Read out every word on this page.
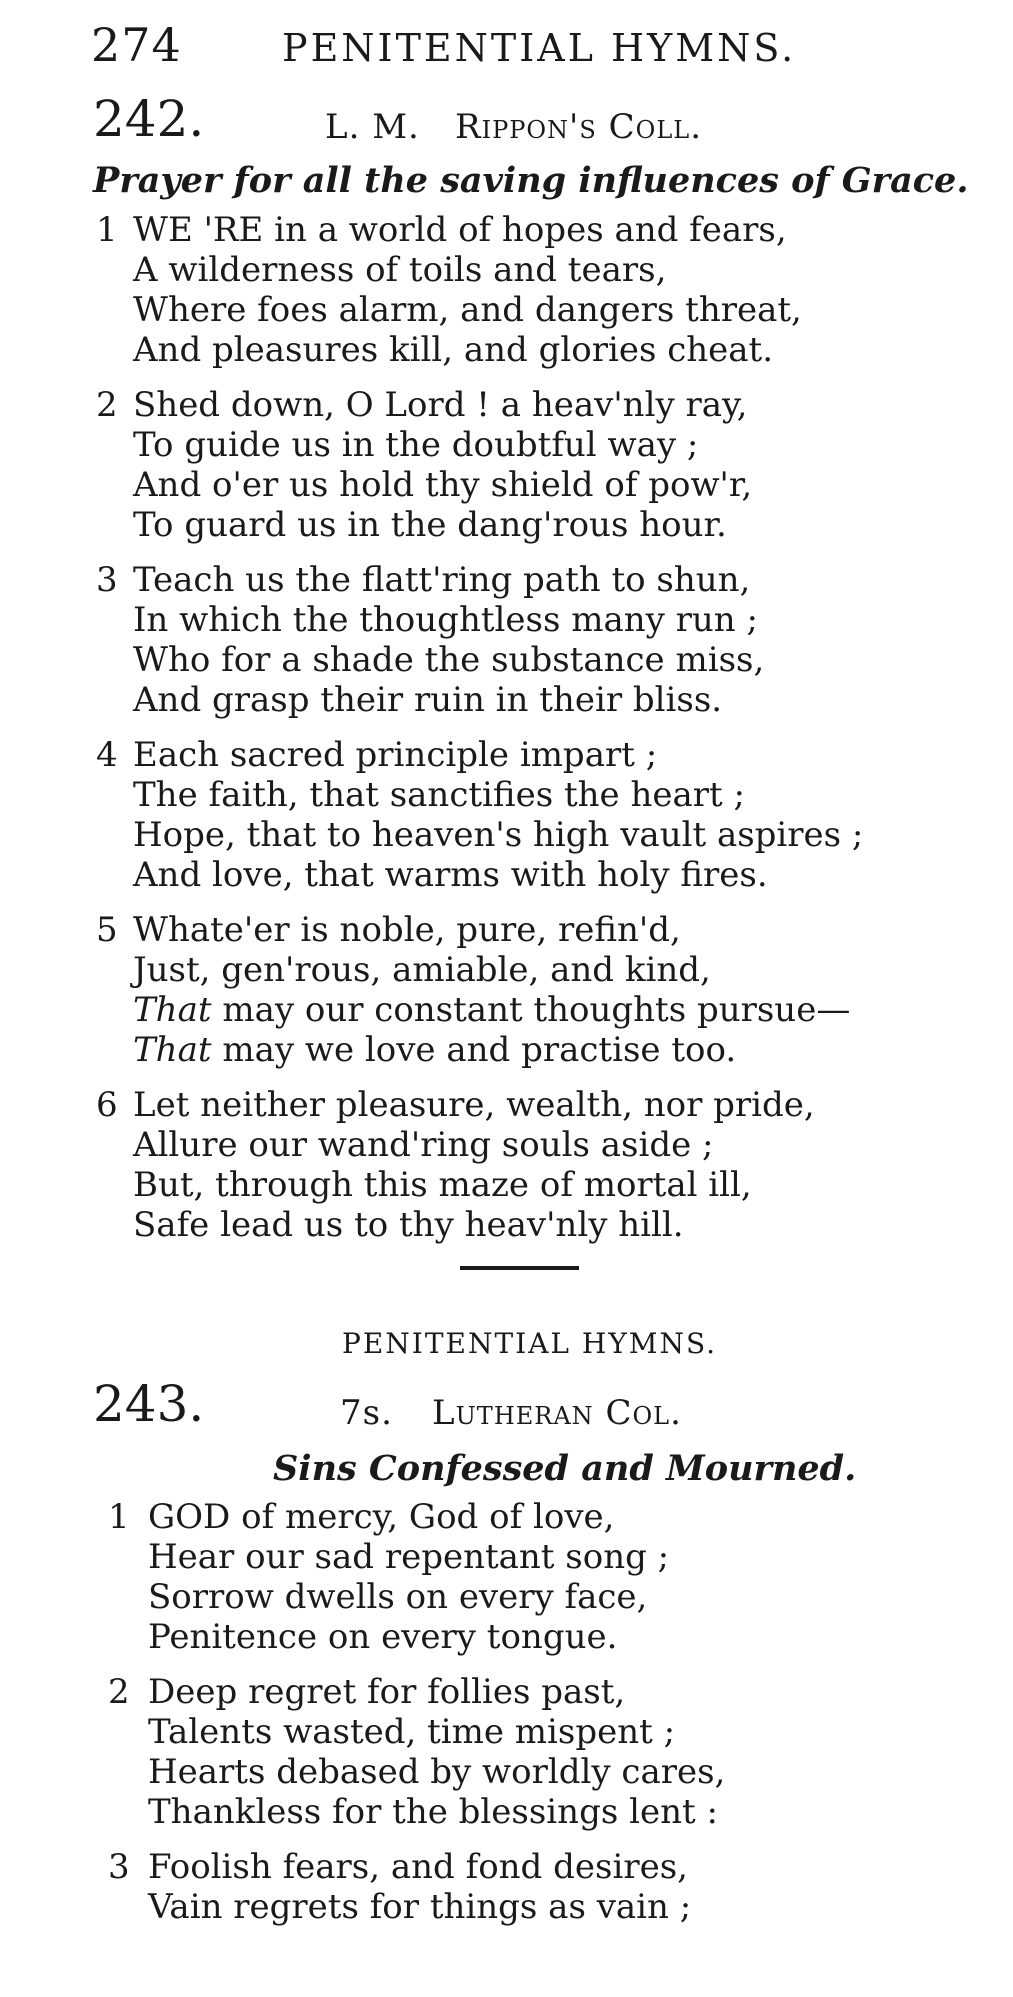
274	PENITENTIAL HYMNS.
242.	L. M. Rippon's Coll.
Prayer for all the saving influences of Grace.
1 WE 'RE in a world of hopes and fears,
A wilderness of toils and tears,
Where foes alarm, and dangers threat,
And pleasures kill, and glories cheat.
2 Shed down, O Lord ! a heav'nly ray,
To guide us in the doubtful way ;
And o'er us hold thy shield of pow'r,
To guard us in the dang'rous hour.
3 Teach us the flatt'ring path to shun,
In which the thoughtless many run ;
Who for a shade the substance miss,
And grasp their ruin in their bliss.
4 Each sacred principle impart ;
The faith, that sanctifies the heart ;
Hope, that to heaven's high vault aspires ;
And love, that warms with holy fires.
5 Whate'er is noble, pure, refin'd,
Just, gen'rous, amiable, and kind,
That may our constant thoughts pursue—
That may we love and practise too.
6 Let neither pleasure, wealth, nor pride,
Allure our wand'ring souls aside ;
But, through this maze of mortal ill,
Safe lead us to thy heav'nly hill.
PENITENTIAL HYMNS.
243.	7s. Lutheran Col.
Sins Confessed and Mourned.
1 GOD of mercy, God of love,
Hear our sad repentant song ;
Sorrow dwells on every face,
Penitence on every tongue.
2 Deep regret for follies past,
Talents wasted, time mispent ;
Hearts debased by worldly cares,
Thankless for the blessings lent :
3 Foolish fears, and fond desires,
Vain regrets for things as vain ;
